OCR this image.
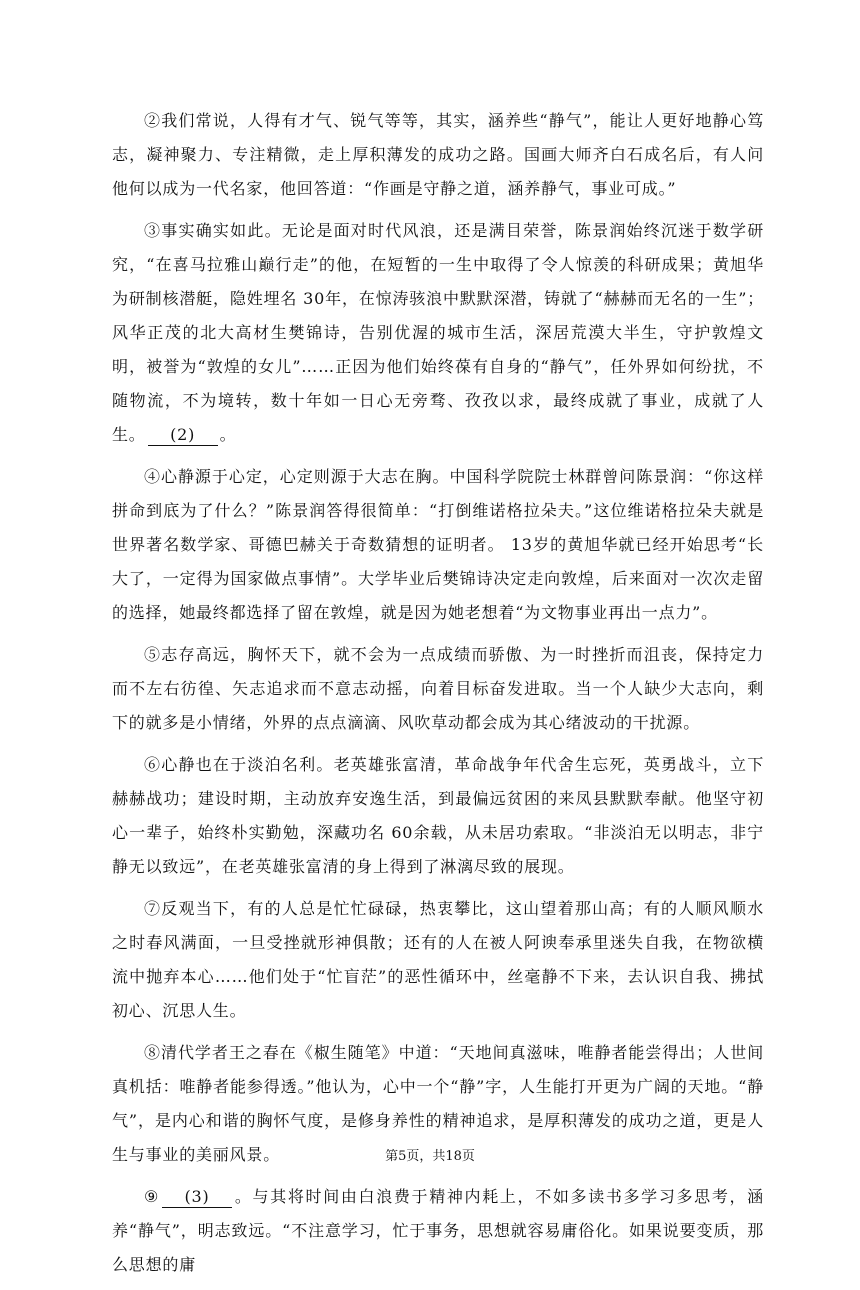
②我们常说，人得有才气、锐气等等，其实，涵养些“静气”，能让人更好地静心笃志，凝神聚力、专注精微，走上厚积薄发的成功之路。国画大师齐白石成名后，有人问他何以成为一代名家，他回答道：“作画是守静之道，涵养静气，事业可成。”

③事实确实如此。无论是面对时代风浪，还是满目荣誉，陈景润始终沉迷于数学研究，“在喜马拉雅山巅行走”的他，在短暂的一生中取得了令人惊羡的科研成果；黄旭华为研制核潜艇，隐姓埋名 30年，在惊涛骇浪中默默深潜，铸就了“赫赫而无名的一生”；风华正茂的北大高材生樊锦诗，告别优渥的城市生活，深居荒漠大半生，守护敦煌文明，被誉为“敦煌的女儿”……正因为他们始终葆有自身的“静气”，任外界如何纷扰，不随物流，不为境转，数十年如一日心无旁骛、孜孜以求，最终成就了事业，成就了人生。 (2) 。

④心静源于心定，心定则源于大志在胸。中国科学院院士林群曾问陈景润：“你这样拼命到底为了什么？”陈景润答得很简单：“打倒维诺格拉朵夫。”这位维诺格拉朵夫就是世界著名数学家、哥德巴赫关于奇数猜想的证明者。 13岁的黄旭华就已经开始思考“长大了，一定得为国家做点事情”。大学毕业后樊锦诗决定走向敦煌，后来面对一次次走留的选择，她最终都选择了留在敦煌，就是因为她老想着“为文物事业再出一点力”。

⑤志存高远，胸怀天下，就不会为一点成绩而骄傲、为一时挫折而沮丧，保持定力而不左右彷徨、矢志追求而不意志动摇，向着目标奋发进取。当一个人缺少大志向，剩下的就多是小情绪，外界的点点滴滴、风吹草动都会成为其心绪波动的干扰源。

⑥心静也在于淡泊名利。老英雄张富清，革命战争年代舍生忘死，英勇战斗，立下赫赫战功；建设时期，主动放弃安逸生活，到最偏远贫困的来凤县默默奉献。他坚守初心一辈子，始终朴实勤勉，深藏功名 60余载，从未居功索取。“非淡泊无以明志，非宁静无以致远”，在老英雄张富清的身上得到了淋漓尽致的展现。

⑦反观当下，有的人总是忙忙碌碌，热衷攀比，这山望着那山高；有的人顺风顺水之时春风满面，一旦受挫就形神俱散；还有的人在被人阿谀奉承里迷失自我，在物欲横流中抛弃本心……他们处于“忙盲茫”的恶性循环中，丝毫静不下来，去认识自我、拂拭初心、沉思人生。

⑧清代学者王之春在《椒生随笔》中道：“天地间真滋味，唯静者能尝得出；人世间真机括：唯静者能参得透。”他认为，心中一个“静”字，人生能打开更为广阔的天地。“静气”，是内心和谐的胸怀气度，是修身养性的精神追求，是厚积薄发的成功之道，更是人生与事业的美丽风景。

⑨ (3) 。与其将时间由白浪费于精神内耗上，不如多读书多学习多思考，涵养“静气”，明志致远。“不注意学习，忙于事务，思想就容易庸俗化。如果说要变质，那么思想的庸

第5页，共18页
